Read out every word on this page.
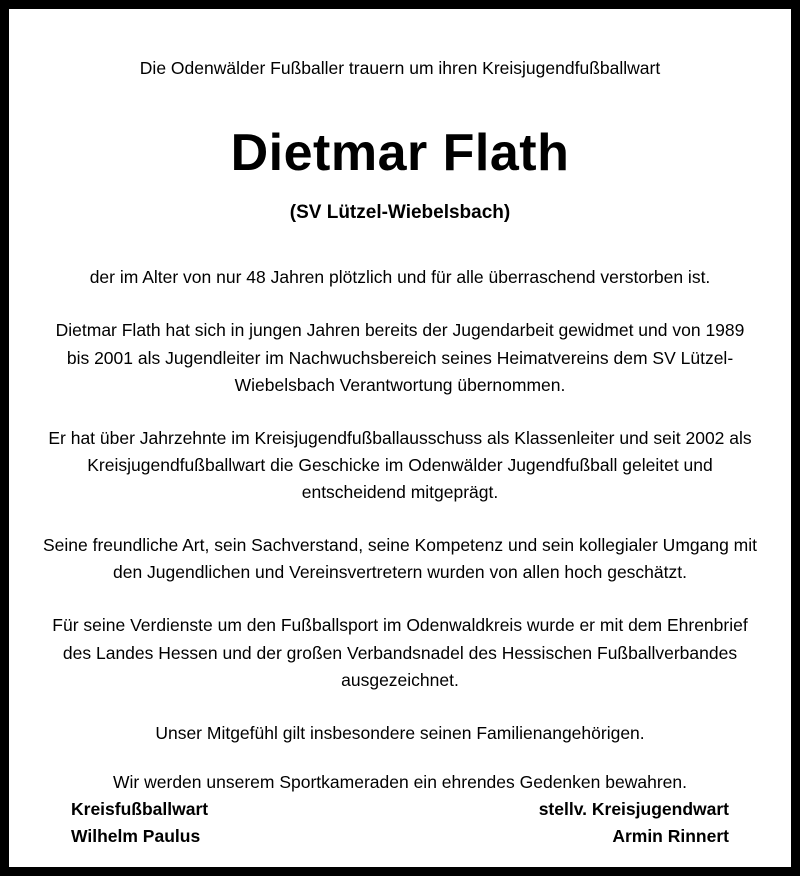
Die Odenwälder Fußballer trauern um ihren Kreisjugendfußballwart

Dietmar Flath

(SV Lützel-Wiebelsbach)

der im Alter von nur 48 Jahren plötzlich und für alle überraschend verstorben ist.

Dietmar Flath hat sich in jungen Jahren bereits der Jugendarbeit gewidmet und von 1989 bis 2001 als Jugendleiter im Nachwuchsbereich seines Heimatvereins dem SV Lützel-Wiebelsbach Verantwortung übernommen.

Er hat über Jahrzehnte im Kreisjugendfußballausschuss als Klassenleiter und seit 2002 als Kreisjugendfußballwart die Geschicke im Odenwälder Jugendfußball geleitet und entscheidend mitgeprägt.

Seine freundliche Art, sein Sachverstand, seine Kompetenz und sein kollegialer Umgang mit den Jugendlichen und Vereinsvertretern wurden von allen hoch geschätzt.

Für seine Verdienste um den Fußballsport im Odenwaldkreis wurde er mit dem Ehrenbrief des Landes Hessen und der großen Verbandsnadel des Hessischen Fußballverbandes ausgezeichnet.

Unser Mitgefühl gilt insbesondere seinen Familienangehörigen.

Wir werden unserem Sportkameraden ein ehrendes Gedenken bewahren.

Kreisfußballwart
Wilhelm Paulus
stellv. Kreisjugendwart
Armin Rinnert
